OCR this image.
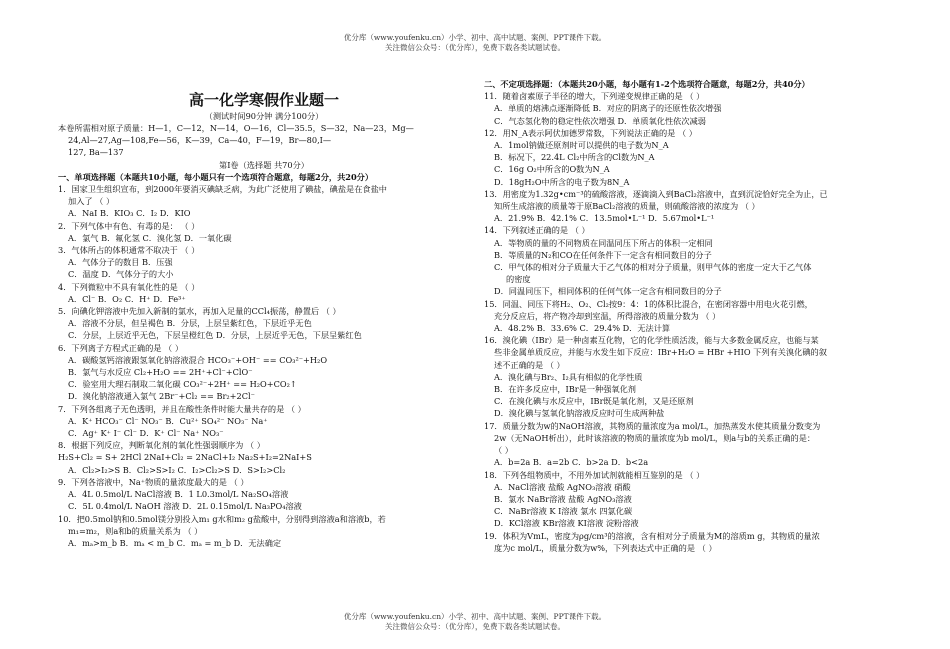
优分库（www.youfenku.cn）小学、初中、高中试题、案例、PPT课件下载。
关注微信公众号：（优分库），免费下载各类试题试卷。
高一化学寒假作业题一
（测试时间90分钟 满分100分）
本卷所需相对原子质量：H—1，C—12，N—14，O—16，Cl—35.5，S—32，Na—23，Mg—
24,Al—27,Ag—108,Fe—56，K—39，Ca—40，F—19，Br—80,I—
127, Ba—137
第I卷（选择题 共70分）
一、单项选择题（本题共10小题，每小题只有一个选项符合题意，每题2分，共20分）
1．国家卫生组织宣布，到2000年要消灭碘缺乏病，为此广泛使用了碘盐，碘盐是在食盐中
加入了 （ ）
A．NaI B．KIO₃ C．I₂ D．KIO
2．下列气体中有色、有毒的是： （ ）
A．氯气 B．氟化氢 C．溴化氢 D．一氧化碳
3．气体所占的体积通常不取决于 （ ）
A．气体分子的数目 B．压强
C．温度 D．气体分子的大小
4．下列微粒中不具有氧化性的是 （ ）
A．Cl⁻ B．O₂ C．H⁺ D．Fe³⁺
5．向碘化钾溶液中先加入新制的氯水，再加入足量的CCl₄振荡，静置后 （ ）
A．溶液不分层，但呈褐色 B．分层，上层呈紫红色，下层近乎无色
C．分层，上层近乎无色，下层呈橙红色 D．分层，上层近乎无色，下层呈紫红色
6．下列离子方程式正确的是 （ ）
A．碳酸氢钙溶液跟氢氧化钠溶液混合 HCO₃⁻+OH⁻ == CO₃²⁻+H₂O
B．氯气与水反应 Cl₂+H₂O == 2H⁺+Cl⁻+ClO⁻
C．验室用大理石制取二氧化碳 CO₃²⁻+2H⁺ == H₂O+CO₂↑
D．溴化钠溶液通入氯气 2Br⁻+Cl₂ == Br₂+2Cl⁻
7．下列各组离子无色透明，并且在酸性条件时能大量共存的是 （ ）
A．K⁺ HCO₃⁻ Cl⁻ NO₃⁻ B．Cu²⁺ SO₄²⁻ NO₃⁻ Na⁺
C．Ag⁺ K⁺ I⁻ Cl⁻ D．K⁺ Cl⁻ Na⁺ NO₃⁻
8．根据下列反应，判断氧化剂的氧化性强弱顺序为 （ ）
H₂S+Cl₂ = S+ 2HCl 2NaI+Cl₂ = 2NaCl+I₂ Na₂S+I₂=2NaI+S
A．Cl₂>I₂>S B．Cl₂>S>I₂ C．I₂>Cl₂>S D．S>I₂>Cl₂
9．下列各溶液中，Na⁺物质的量浓度最大的是 （ ）
A．4L 0.5mol/L NaCl溶液 B．1 L0.3mol/L Na₂SO₄溶液
C．5L 0.4mol/L NaOH 溶液 D．2L 0.15mol/L Na₃PO₄溶液
10．把0.5mol钠和0.5mol镁分别投入m₁ g水和m₂ g盐酸中，分别得到溶液a和溶液b，若
m₁=m₂，则a和b的质量关系为 （ ）
A．mₐ>m_b B．mₐ < m_b C．mₐ = m_b D．无法确定
二、不定项选择题：（本题共20小题，每小题有1-2个选项符合题意，每题2分，共40分）
11．随着卤素原子半径的增大，下列递变规律正确的是 （ ）
A．单质的熔沸点逐渐降低 B．对应的阴离子的还原性依次增强
C．气态氢化物的稳定性依次增强 D．单质氧化性依次减弱
12．用N_A表示阿伏加德罗常数，下列说法正确的是 （ ）
A．1mol钠做还原剂时可以提供的电子数为N_A
B．标况下，22.4L Cl₂中所含的Cl数为N_A
C．16g O₂中所含的O数为N_A
D．18gH₂O中所含的电子数为8N_A
13．用密度为1.32g•cm⁻³的硫酸溶液，逐滴滴入到BaCl₂溶液中，直到沉淀恰好完全为止，已
知所生成溶液的质量等于原BaCl₂溶液的质量，则硫酸溶液的浓度为 （ ）
A．21.9% B．42.1% C．13.5mol•L⁻¹ D．5.67mol•L⁻¹
14．下列叙述正确的是 （ ）
A．等物质的量的不同物质在同温同压下所占的体积一定相同
B．等质量的N₂和CO在任何条件下一定含有相同数目的分子
C．甲气体的相对分子质量大于乙气体的相对分子质量，则甲气体的密度一定大于乙气体
的密度
D．同温同压下，相同体积的任何气体一定含有相同数目的分子
15．同温、同压下将H₂、O₂、Cl₂按9：4：1的体积比混合，在密闭容器中用电火花引燃，
充分反应后，将产物冷却到室温，所得溶液的质量分数为 （ ）
A．48.2% B．33.6% C．29.4% D．无法计算
16．溴化碘（IBr）是一种卤素互化物，它的化学性质活泼，能与大多数金属反应，也能与某
些非金属单质反应，并能与水发生如下反应：IBr+H₂O = HBr +HIO 下列有关溴化碘的叙
述不正确的是 （ ）
A．溴化碘与Br₂、I₂具有相似的化学性质
B．在许多反应中，IBr是一种强氧化剂
C．在溴化碘与水反应中，IBr既是氧化剂，又是还原剂
D．溴化碘与氢氧化钠溶液反应时可生成两种盐
17．质量分数为w的NaOH溶液，其物质的量浓度为a mol/L，加热蒸发水使其质量分数变为
2w（无NaOH析出），此时该溶液的物质的量浓度为b mol/L，则a与b的关系正确的是：
（ ）
A．b=2a B．a=2b C．b>2a D．b<2a
18．下列各组物质中，不用外加试剂就能相互鉴别的是 （ ）
A．NaCl溶液 盐酸 AgNO₃溶液 硝酸
B．氯水 NaBr溶液 盐酸 AgNO₃溶液
C．NaBr溶液 K I溶液 氯水 四氯化碳
D．KCl溶液 KBr溶液 KI溶液 淀粉溶液
19．体积为VmL，密度为ρg/cm³的溶液，含有相对分子质量为M的溶质m g，其物质的量浓
度为c mol/L，质量分数为w%，下列表达式中正确的是 （ ）
优分库（www.youfenku.cn）小学、初中、高中试题、案例、PPT课件下载。
关注微信公众号：（优分库），免费下载各类试题试卷。
